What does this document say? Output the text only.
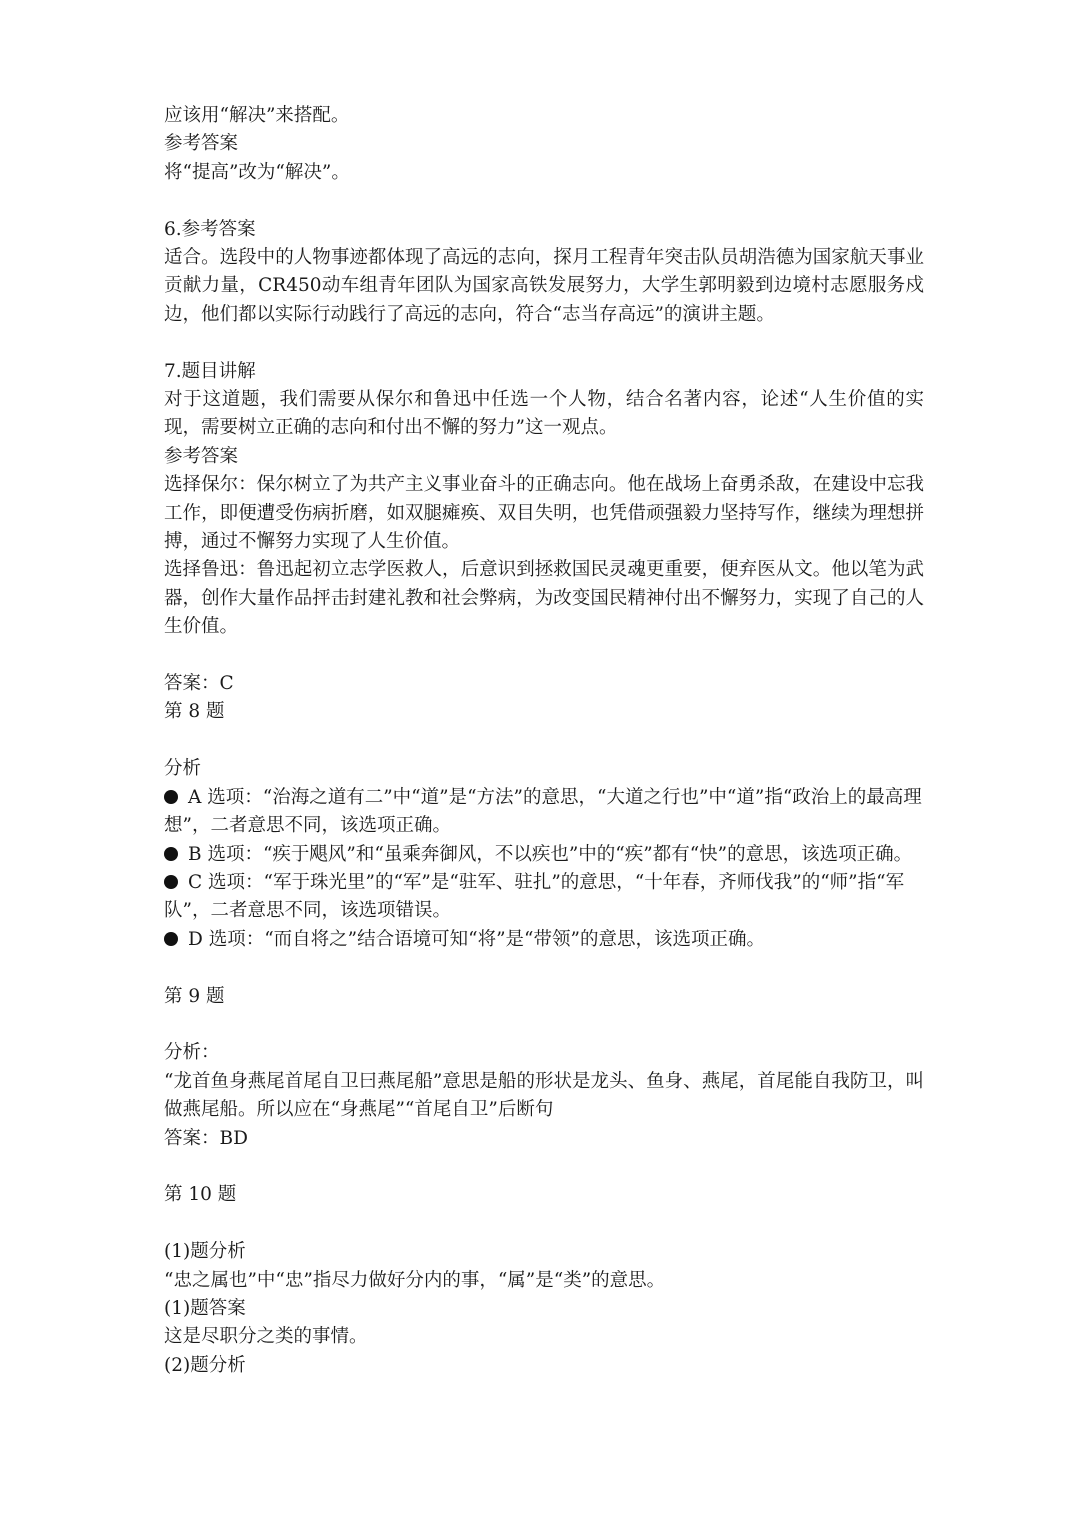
应该用“解决”来搭配。
参考答案
将“提高”改为“解决”。
6.参考答案
适合。选段中的人物事迹都体现了高远的志向，探月工程青年突击队员胡浩德为国家航天事业贡献力量，CR450动车组青年团队为国家高铁发展努力，大学生郭明毅到边境村志愿服务戍边，他们都以实际行动践行了高远的志向，符合“志当存高远”的演讲主题。
7.题目讲解
对于这道题，我们需要从保尔和鲁迅中任选一个人物，结合名著内容，论述“人生价值的实现，需要树立正确的志向和付出不懈的努力”这一观点。
参考答案
选择保尔：保尔树立了为共产主义事业奋斗的正确志向。他在战场上奋勇杀敌，在建设中忘我工作，即便遭受伤病折磨，如双腿瘫痪、双目失明，也凭借顽强毅力坚持写作，继续为理想拼搏，通过不懈努力实现了人生价值。
选择鲁迅：鲁迅起初立志学医救人，后意识到拯救国民灵魂更重要，便弃医从文。他以笔为武器，创作大量作品抨击封建礼教和社会弊病，为改变国民精神付出不懈努力，实现了自己的人生价值。
答案：C
第 8 题
分析
A 选项：“治海之道有二”中“道”是“方法”的意思，“大道之行也”中“道”指“政治上的最高理想”，二者意思不同，该选项正确。
B 选项：“疾于飓风”和“虽乘奔御风，不以疾也”中的“疾”都有“快”的意思，该选项正确。
C 选项：“军于珠光里”的“军”是“驻军、驻扎”的意思，“十年春，齐师伐我”的“师”指“军队”，二者意思不同，该选项错误。
D 选项：“而自将之”结合语境可知“将”是“带领”的意思，该选项正确。
第 9 题
分析：
“龙首鱼身燕尾首尾自卫曰燕尾船”意思是船的形状是龙头、鱼身、燕尾，首尾能自我防卫，叫做燕尾船。所以应在“身燕尾”“首尾自卫”后断句
答案：BD
第 10 题
(1)题分析
“忠之属也”中“忠”指尽力做好分内的事，“属”是“类”的意思。
(1)题答案
这是尽职分之类的事情。
(2)题分析
